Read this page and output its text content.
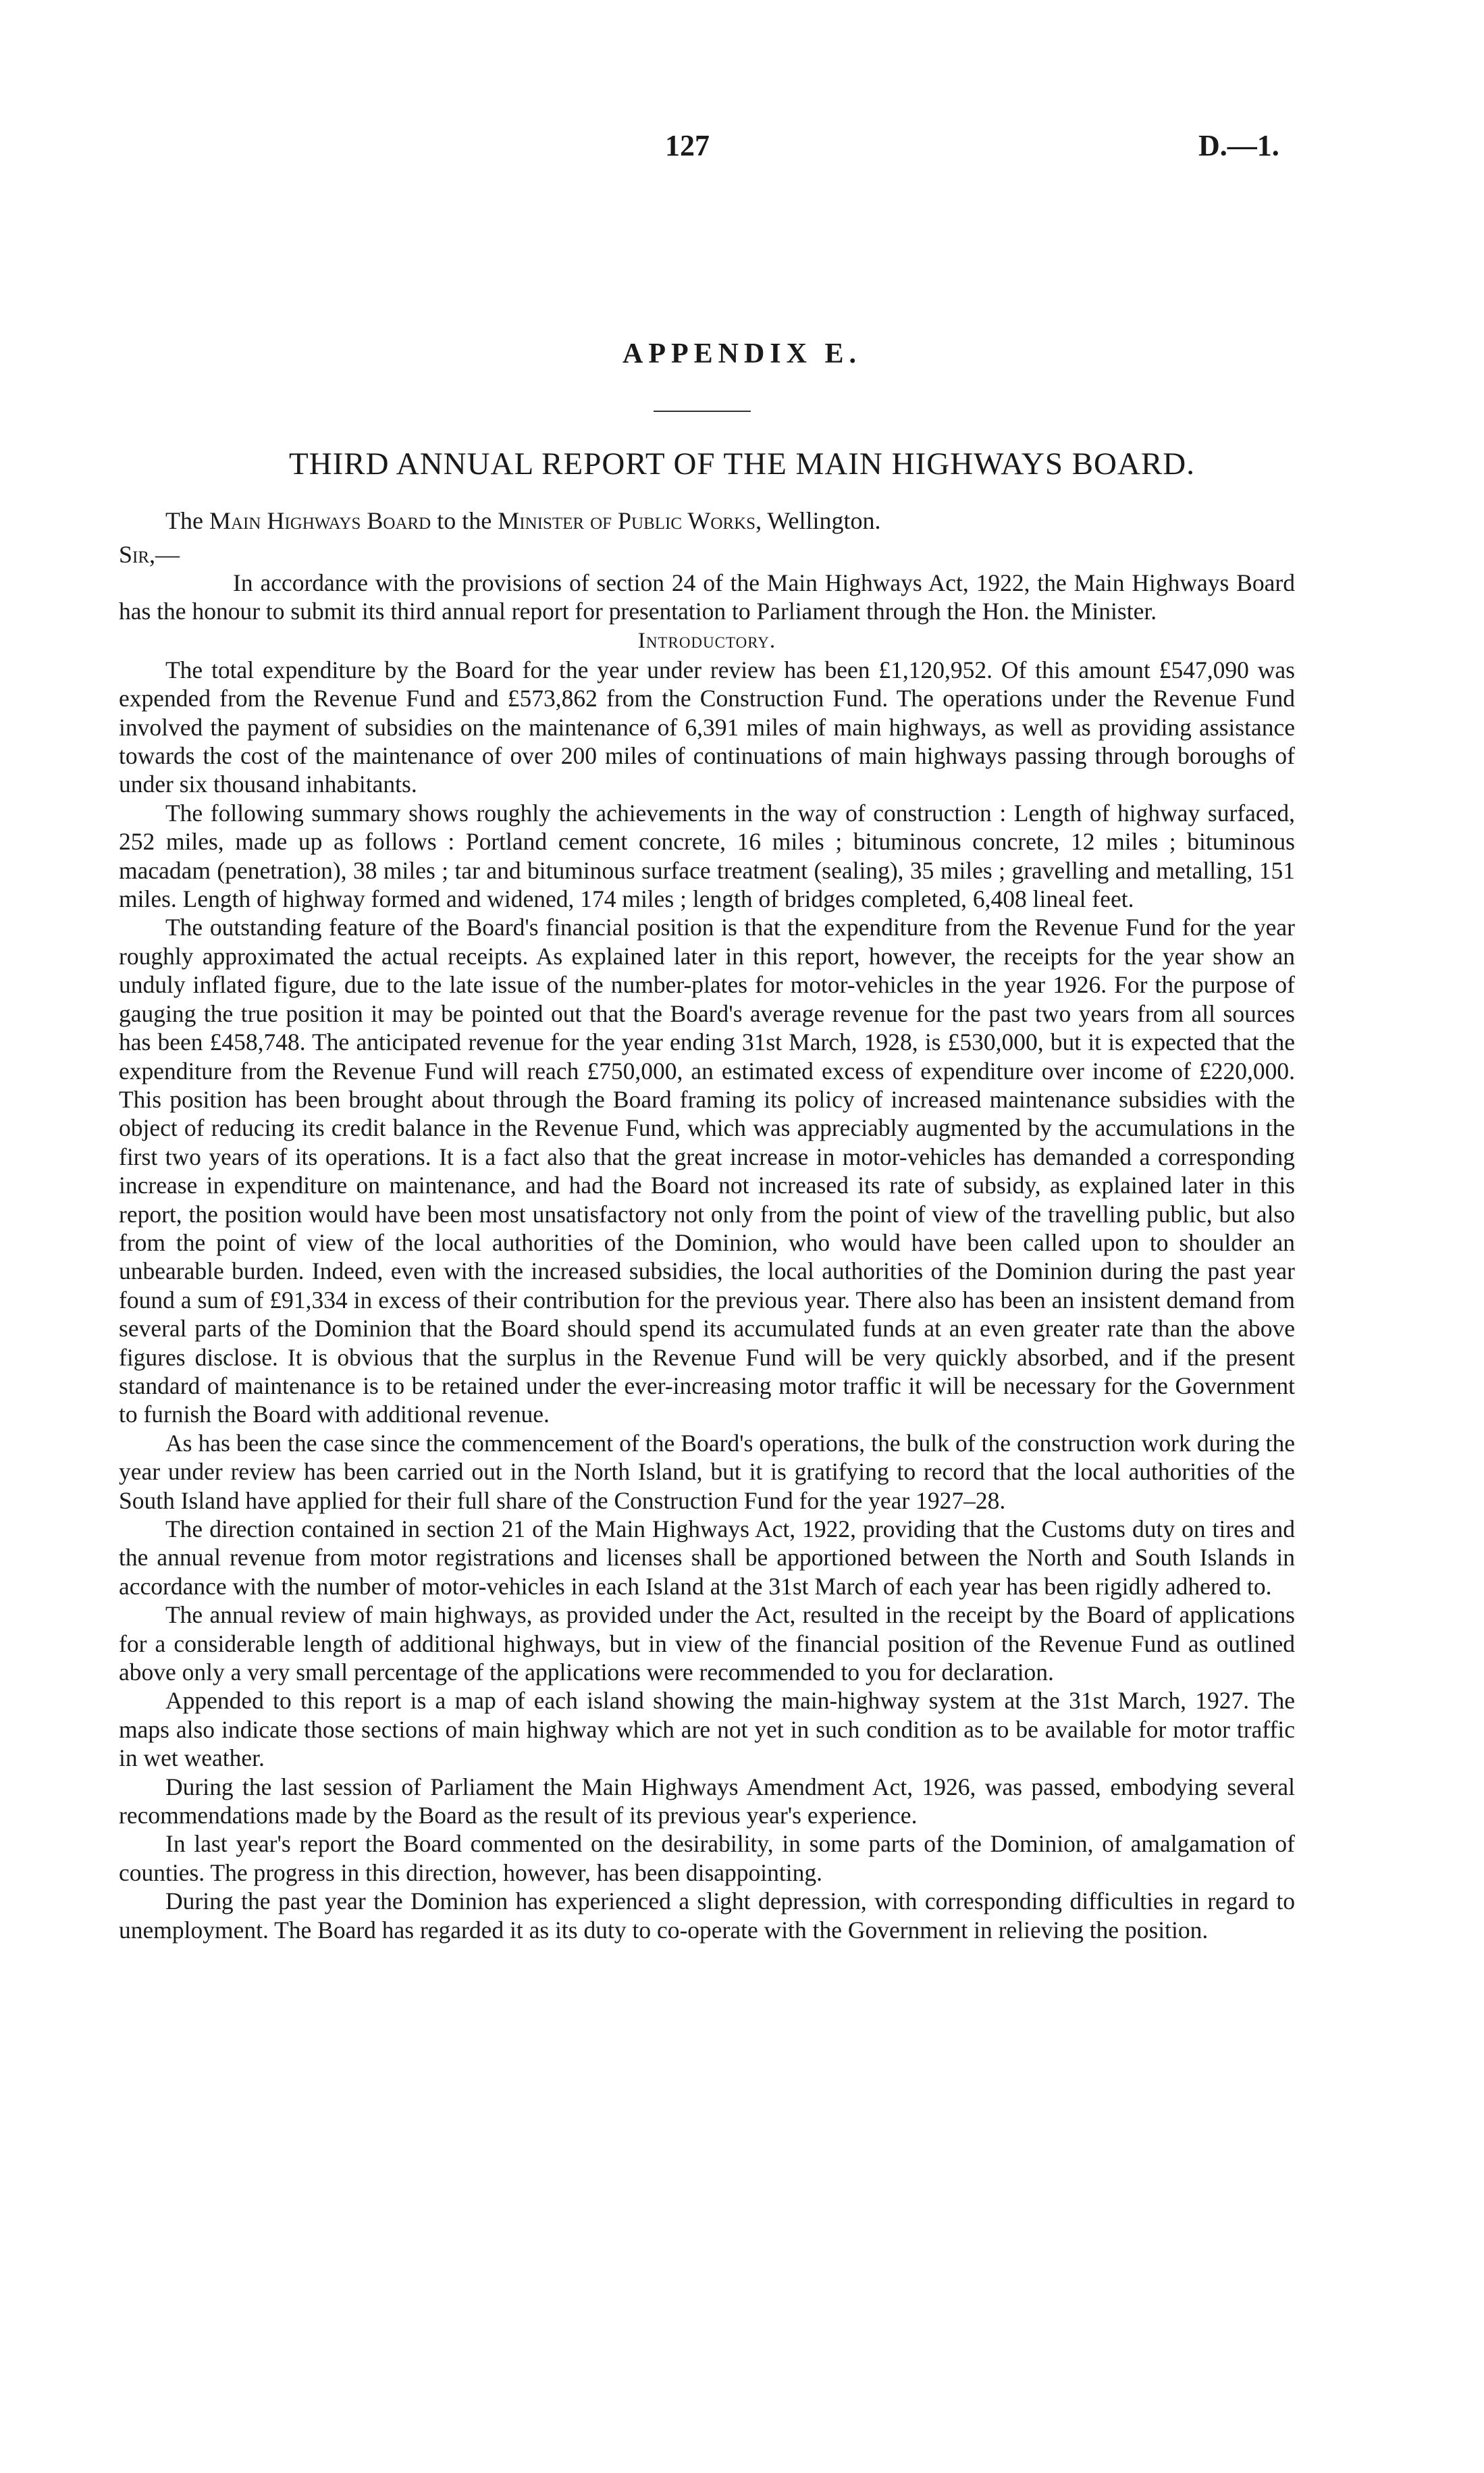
127	D.—1.
APPENDIX E.
THIRD ANNUAL REPORT OF THE MAIN HIGHWAYS BOARD.
The Main Highways Board to the Minister of Public Works, Wellington.
Sir,—

In accordance with the provisions of section 24 of the Main Highways Act, 1922, the Main Highways Board has the honour to submit its third annual report for presentation to Parliament through the Hon. the Minister.

Introductory.

The total expenditure by the Board for the year under review has been £1,120,952. Of this amount £547,090 was expended from the Revenue Fund and £573,862 from the Construction Fund. The operations under the Revenue Fund involved the payment of subsidies on the maintenance of 6,391 miles of main highways, as well as providing assistance towards the cost of the maintenance of over 200 miles of continuations of main highways passing through boroughs of under six thousand inhabitants.

The following summary shows roughly the achievements in the way of construction : Length of highway surfaced, 252 miles, made up as follows : Portland cement concrete, 16 miles ; bituminous concrete, 12 miles ; bituminous macadam (penetration), 38 miles ; tar and bituminous surface treatment (sealing), 35 miles ; gravelling and metalling, 151 miles. Length of highway formed and widened, 174 miles ; length of bridges completed, 6,408 lineal feet.

The outstanding feature of the Board's financial position is that the expenditure from the Revenue Fund for the year roughly approximated the actual receipts. As explained later in this report, however, the receipts for the year show an unduly inflated figure, due to the late issue of the number-plates for motor-vehicles in the year 1926. For the purpose of gauging the true position it may be pointed out that the Board's average revenue for the past two years from all sources has been £458,748. The anticipated revenue for the year ending 31st March, 1928, is £530,000, but it is expected that the expenditure from the Revenue Fund will reach £750,000, an estimated excess of expenditure over income of £220,000. This position has been brought about through the Board framing its policy of increased maintenance subsidies with the object of reducing its credit balance in the Revenue Fund, which was appreciably augmented by the accumulations in the first two years of its operations. It is a fact also that the great increase in motor-vehicles has demanded a corresponding increase in expenditure on maintenance, and had the Board not increased its rate of subsidy, as explained later in this report, the position would have been most unsatisfactory not only from the point of view of the travelling public, but also from the point of view of the local authorities of the Dominion, who would have been called upon to shoulder an unbearable burden. Indeed, even with the increased subsidies, the local authorities of the Dominion during the past year found a sum of £91,334 in excess of their contribution for the previous year. There also has been an insistent demand from several parts of the Dominion that the Board should spend its accumulated funds at an even greater rate than the above figures disclose. It is obvious that the surplus in the Revenue Fund will be very quickly absorbed, and if the present standard of maintenance is to be retained under the ever-increasing motor traffic it will be necessary for the Government to furnish the Board with additional revenue.

As has been the case since the commencement of the Board's operations, the bulk of the construction work during the year under review has been carried out in the North Island, but it is gratifying to record that the local authorities of the South Island have applied for their full share of the Construction Fund for the year 1927–28.

The direction contained in section 21 of the Main Highways Act, 1922, providing that the Customs duty on tires and the annual revenue from motor registrations and licenses shall be apportioned between the North and South Islands in accordance with the number of motor-vehicles in each Island at the 31st March of each year has been rigidly adhered to.

The annual review of main highways, as provided under the Act, resulted in the receipt by the Board of applications for a considerable length of additional highways, but in view of the financial position of the Revenue Fund as outlined above only a very small percentage of the applications were recommended to you for declaration.

Appended to this report is a map of each island showing the main-highway system at the 31st March, 1927. The maps also indicate those sections of main highway which are not yet in such condition as to be available for motor traffic in wet weather.

During the last session of Parliament the Main Highways Amendment Act, 1926, was passed, embodying several recommendations made by the Board as the result of its previous year's experience.

In last year's report the Board commented on the desirability, in some parts of the Dominion, of amalgamation of counties. The progress in this direction, however, has been disappointing.

During the past year the Dominion has experienced a slight depression, with corresponding difficulties in regard to unemployment. The Board has regarded it as its duty to co-operate with the Government in relieving the position.
